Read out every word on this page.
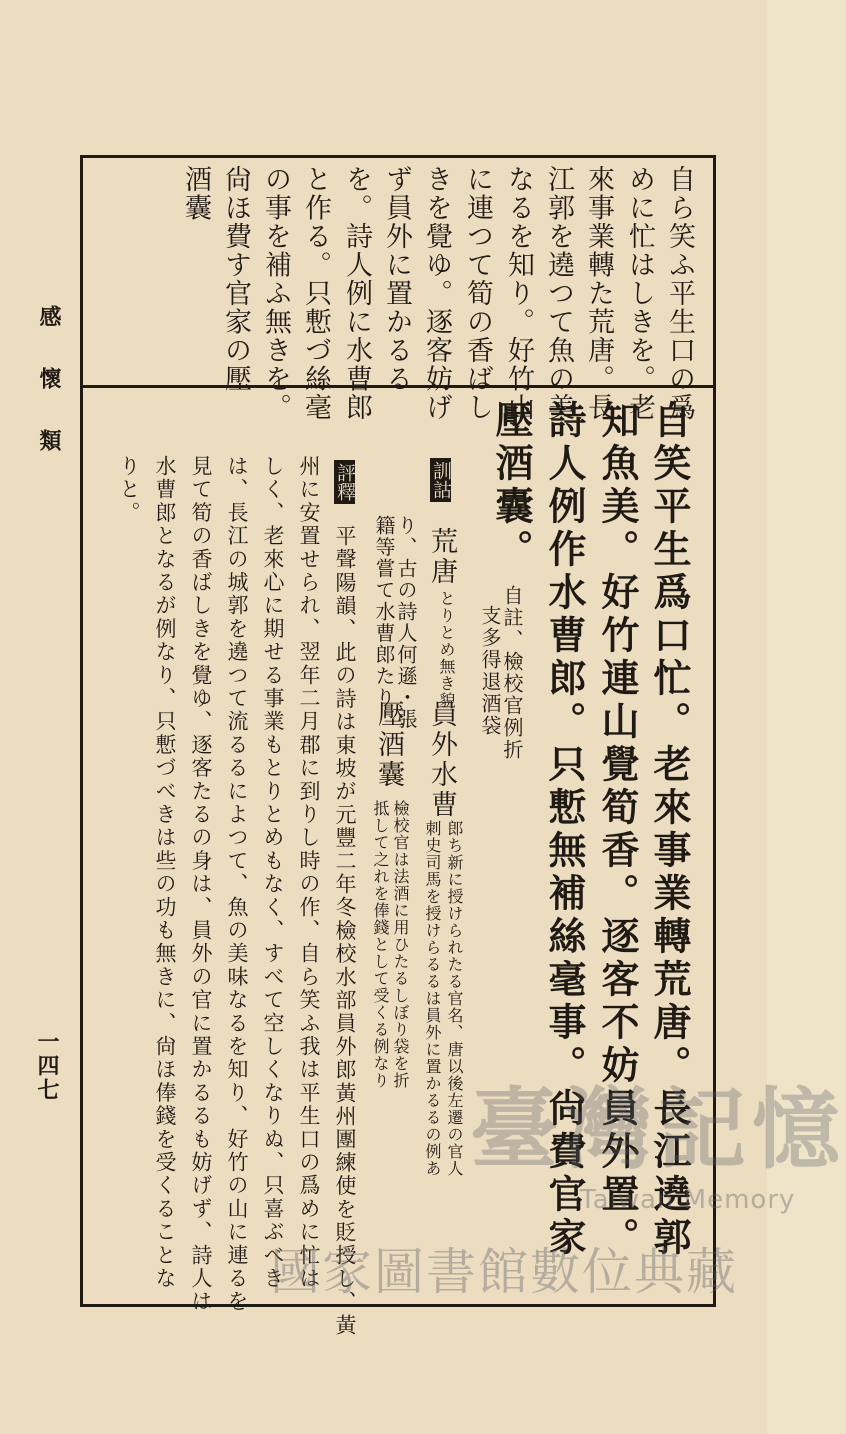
感懷類
一四七
自ら笑ふ平生口の爲
めに忙はしきを。老
來事業轉た荒唐。長
江郭を遶つて魚の美
なるを知り。好竹山
に連つて筍の香ばし
きを覺ゆ。逐客妨げ
ず員外に置かるる
を。詩人例に水曹郎
と作る。只慙づ絲毫
の事を補ふ無きを。
尙ほ費す官家の壓
酒囊
自笑平生爲口忙。老來事業轉荒唐。長江遶郭
知魚美。好竹連山覺筍香。逐客不妨員外置。
詩人例作水曹郎。只慙無補絲毫事。尙費官家
壓酒囊。
自註、檢校官例折
支多得退酒袋
訓詁 荒唐
とりとめ無き貌
員外水曹
郎ち新に授けられたる官名、唐以後左遷の官人
刺史司馬を授けらるるは員外に置かるるの例あ
り、古の詩人何遜・張
籍等嘗て水曹郎たり
壓酒囊
檢校官は法酒に用ひたるしぼり袋を折
抵して之れを俸錢として受くる例なり
評釋
平聲陽韻、此の詩は東坡が元豐二年冬檢校水部員外郎黃州團練使を貶授し、黃
州に安置せられ、翌年二月郡に到りし時の作、自ら笑ふ我は平生口の爲めに忙は
しく、老來心に期せる事業もとりとめもなく、すべて空しくなりぬ、只喜ぶべき
は、長江の城郭を遶つて流るるによつて、魚の美味なるを知り、好竹の山に連るを
見て筍の香ばしきを覺ゆ、逐客たるの身は、員外の官に置かるるも妨げず、詩人は
水曹郎となるが例なり、只慙づべきは些の功も無きに、尙ほ俸錢を受くることな
りと。
臺灣記憶
Taiwan Memory
國家圖書館數位典藏
